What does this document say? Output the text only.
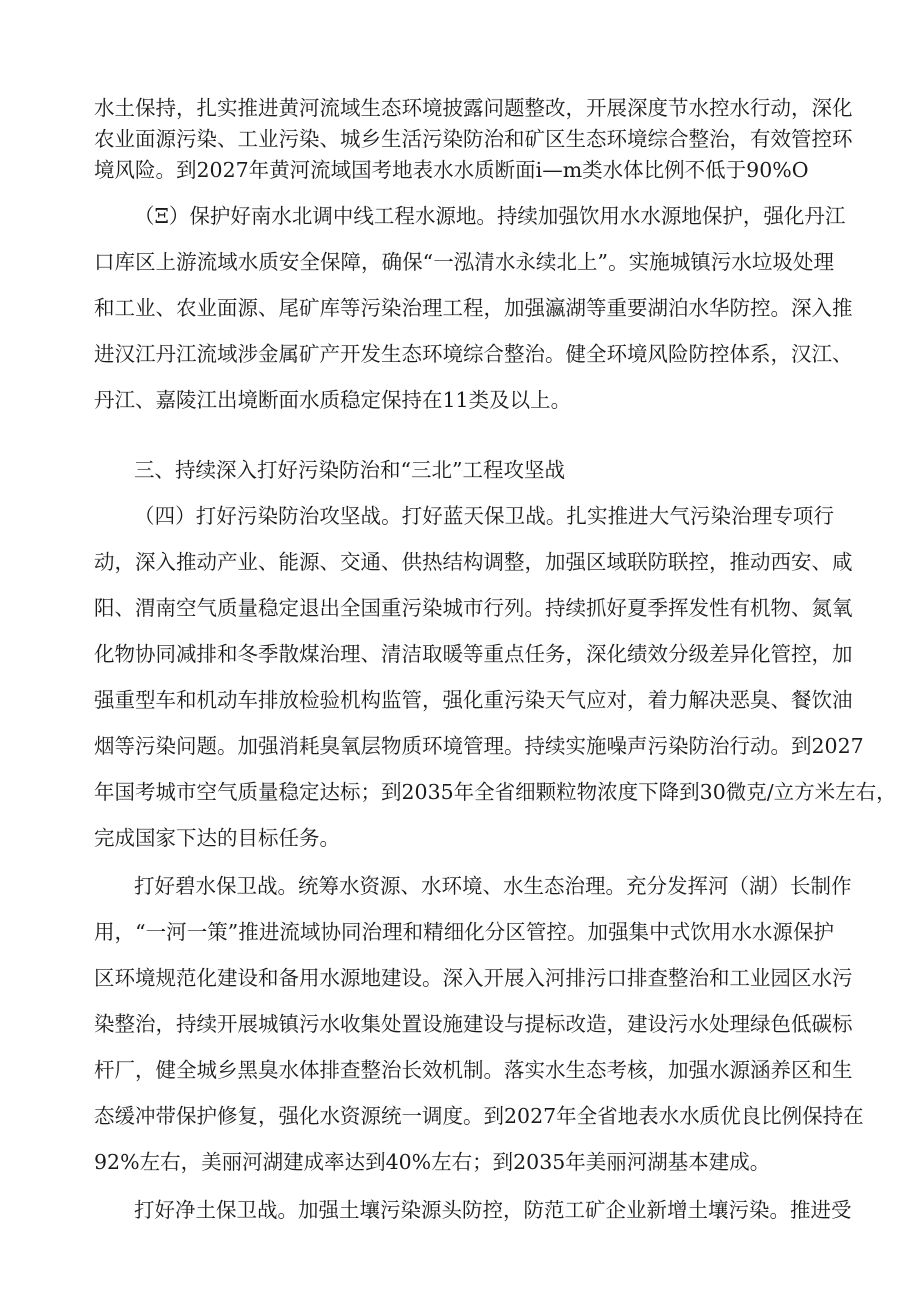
水土保持，扎实推进黄河流域生态环境披露问题整改，开展深度节水控水行动，深化
农业面源污染、工业污染、城乡生活污染防治和矿区生态环境综合整治，有效管控环
境风险。到2027年黄河流域国考地表水水质断面i—m类水体比例不低于90%O
（Ξ）保护好南水北调中线工程水源地。持续加强饮用水水源地保护，强化丹江
口库区上游流域水质安全保障，确保“一泓清水永续北上”。实施城镇污水垃圾处理
和工业、农业面源、尾矿库等污染治理工程，加强瀛湖等重要湖泊水华防控。深入推
进汉江丹江流域涉金属矿产开发生态环境综合整治。健全环境风险防控体系，汉江、
丹江、嘉陵江出境断面水质稳定保持在11类及以上。
三、持续深入打好污染防治和“三北”工程攻坚战
（四）打好污染防治攻坚战。打好蓝天保卫战。扎实推进大气污染治理专项行
动，深入推动产业、能源、交通、供热结构调整，加强区域联防联控，推动西安、咸
阳、渭南空气质量稳定退出全国重污染城市行列。持续抓好夏季挥发性有机物、氮氧
化物协同减排和冬季散煤治理、清洁取暖等重点任务，深化绩效分级差异化管控，加
强重型车和机动车排放检验机构监管，强化重污染天气应对，着力解决恶臭、餐饮油
烟等污染问题。加强消耗臭氧层物质环境管理。持续实施噪声污染防治行动。到2027
年国考城市空气质量稳定达标；到2035年全省细颗粒物浓度下降到30微克/立方米左右，
完成国家下达的目标任务。
打好碧水保卫战。统筹水资源、水环境、水生态治理。充分发挥河（湖）长制作
用，“一河一策”推进流域协同治理和精细化分区管控。加强集中式饮用水水源保护
区环境规范化建设和备用水源地建设。深入开展入河排污口排查整治和工业园区水污
染整治，持续开展城镇污水收集处置设施建设与提标改造，建设污水处理绿色低碳标
杆厂，健全城乡黑臭水体排查整治长效机制。落实水生态考核，加强水源涵养区和生
态缓冲带保护修复，强化水资源统一调度。到2027年全省地表水水质优良比例保持在
92%左右，美丽河湖建成率达到40%左右；到2035年美丽河湖基本建成。
打好净土保卫战。加强土壤污染源头防控，防范工矿企业新增土壤污染。推进受
